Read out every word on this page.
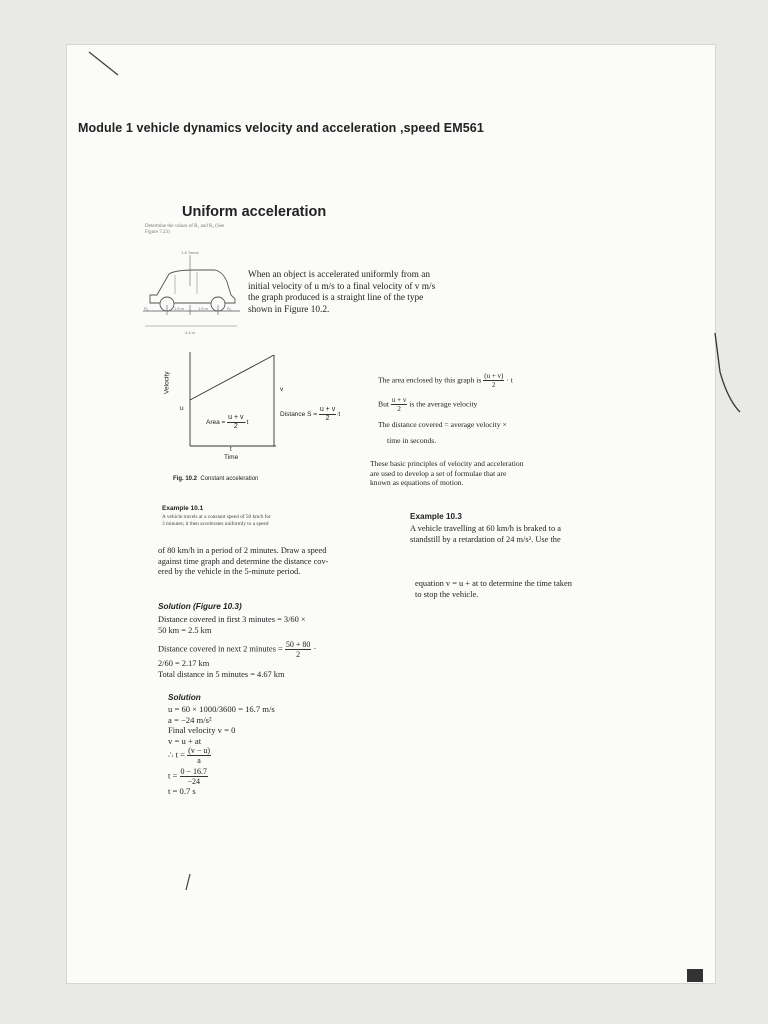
Module 1 vehicle dynamics velocity and acceleration ,speed EM561
Determine the values of R₁ and R₂ (See
Figure 7.23)
1.6 Tonne
1.8 m	1.6 m
R₁	R₂
3.4 m
Uniform acceleration
When an object is accelerated uniformly from an
initial velocity of u m/s to a final velocity of v m/s
the graph produced is a straight line of the type
shown in Figure 10.2.
Velocity
u
v
Area = $\frac{u + v}{2} \cdot t$
Distance $S = \frac{u + v}{2} \cdot t$
t
Time
Fig. 10.2 Constant acceleration
The area enclosed by this graph is $\frac{(u + v)}{2} \cdot t$
But $\frac{u + v}{2}$ is the average velocity
The distance covered = average velocity ×
time in seconds.
These basic principles of velocity and acceleration
are used to develop a set of formulae that are
known as equations of motion.
Example 10.1
A vehicle travels at a constant speed of 50 km/h for
3 minutes; it then accelerates uniformly to a speed
of 80 km/h in a period of 2 minutes. Draw a speed
against time graph and determine the distance cov-
ered by the vehicle in the 5-minute period.
Solution (Figure 10.3)
Distance covered in first 3 minutes = 3/60 ×
50 km = 2.5 km
Distance covered in next 2 minutes = $\frac{50 + 80}{2}$ ·
2/60 = 2.17 km
Total distance in 5 minutes = 4.67 km
Example 10.3
A vehicle travelling at 60 km/h is braked to a
standstill by a retardation of 24 m/s². Use the
equation v = u + at to determine the time taken
to stop the vehicle.
Solution
u = 60 × 1000/3600 = 16.7 m/s
a = −24 m/s²
Final velocity v = 0
v = u + at
∴ $t = \frac{(v - u)}{a}$
$t = \frac{0 - 16.7}{-24}$
t = 0.7 s
